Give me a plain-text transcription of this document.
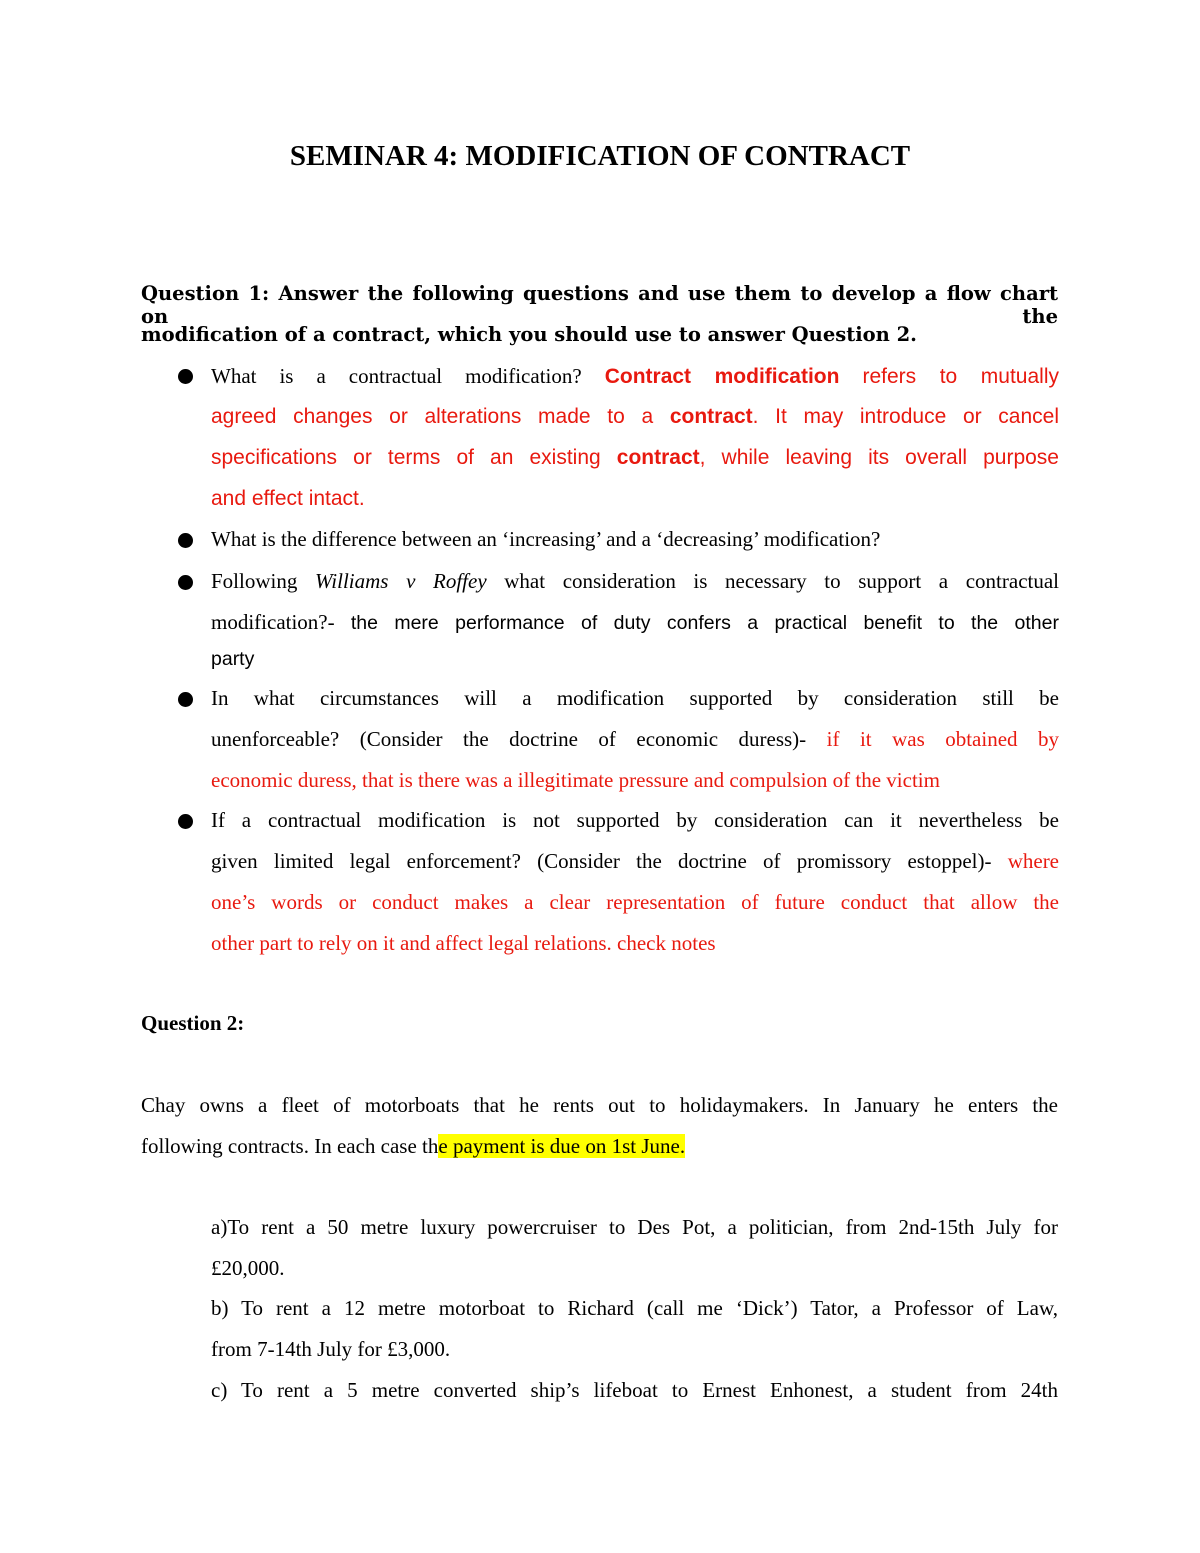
SEMINAR 4: MODIFICATION OF CONTRACT
Question 1: Answer the following questions and use them to develop a flow chart on the
modification of a contract, which you should use to answer Question 2.
What is a contractual modification? Contract modification refers to mutually
agreed changes or alterations made to a contract. It may introduce or cancel
specifications or terms of an existing contract, while leaving its overall purpose
and effect intact.
What is the difference between an ‘increasing’ and a ‘decreasing’ modification?
Following Williams v Roffey what consideration is necessary to support a contractual
modification?- the mere performance of duty confers a practical benefit to the other
party
In what circumstances will a modification supported by consideration still be
unenforceable? (Consider the doctrine of economic duress)- if it was obtained by
economic duress, that is there was a illegitimate pressure and compulsion of the victim
If a contractual modification is not supported by consideration can it nevertheless be
given limited legal enforcement? (Consider the doctrine of promissory estoppel)- where
one’s words or conduct makes a clear representation of future conduct that allow the
other part to rely on it and affect legal relations. check notes
Question 2:
Chay owns a fleet of motorboats that he rents out to holidaymakers. In January he enters the
following contracts. In each case the payment is due on 1st June.
a)To rent a 50 metre luxury powercruiser to Des Pot, a politician, from 2nd-15th July for
£20,000.
b) To rent a 12 metre motorboat to Richard (call me ‘Dick’) Tator, a Professor of Law,
from 7-14th July for £3,000.
c) To rent a 5 metre converted ship’s lifeboat to Ernest Enhonest, a student from 24th
